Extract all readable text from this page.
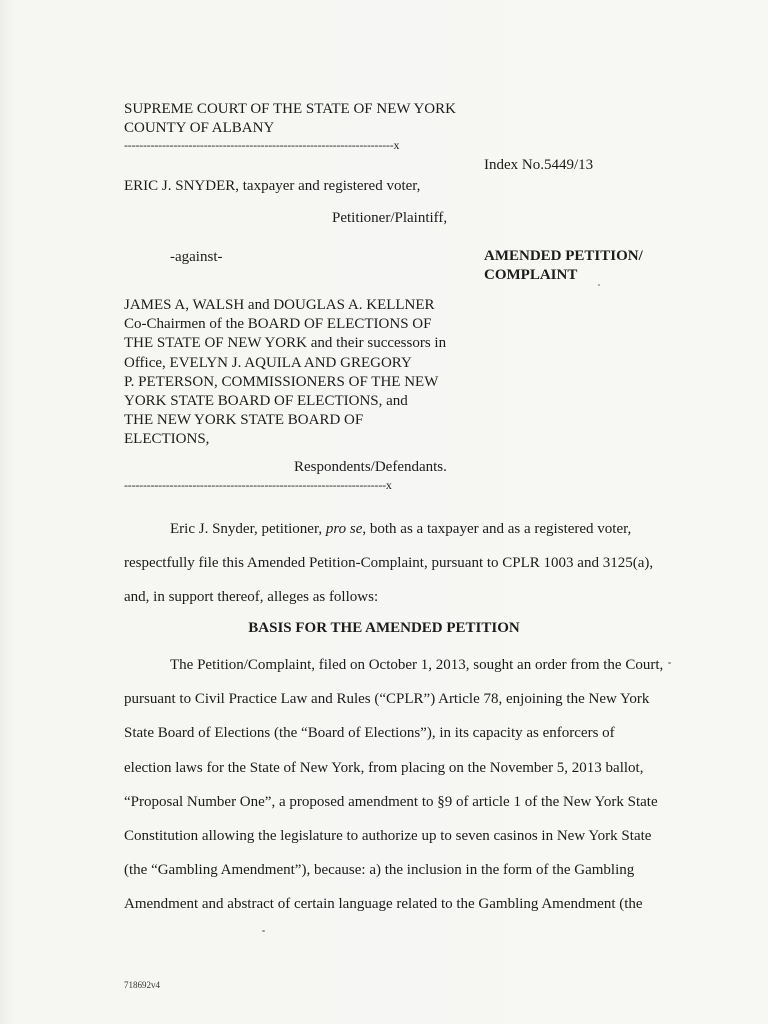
SUPREME COURT OF THE STATE OF NEW YORK
COUNTY OF ALBANY
-----------------------------------------------------------------------x
Index No.5449/13
ERIC J. SNYDER, taxpayer and registered voter,
Petitioner/Plaintiff,
-against-	AMENDED PETITION/
COMPLAINT
JAMES A, WALSH and DOUGLAS A. KELLNER
Co-Chairmen of the BOARD OF ELECTIONS OF
THE STATE OF NEW YORK and their successors in
Office, EVELYN J. AQUILA AND GREGORY
P. PETERSON, COMMISSIONERS OF THE NEW
YORK STATE BOARD OF ELECTIONS, and
THE NEW YORK STATE BOARD OF
ELECTIONS,
Respondents/Defendants.
---------------------------------------------------------------------x

Eric J. Snyder, petitioner, pro se, both as a taxpayer and as a registered voter,

respectfully file this Amended Petition-Complaint, pursuant to CPLR 1003 and 3125(a),

and, in support thereof, alleges as follows:

BASIS FOR THE AMENDED PETITION

The Petition/Complaint, filed on October 1, 2013, sought an order from the Court,

pursuant to Civil Practice Law and Rules (“CPLR”) Article 78, enjoining the New York

State Board of Elections (the “Board of Elections”), in its capacity as enforcers of

election laws for the State of New York, from placing on the November 5, 2013 ballot,

“Proposal Number One”, a proposed amendment to §9 of article 1 of the New York State

Constitution allowing the legislature to authorize up to seven casinos in New York State

(the “Gambling Amendment”), because: a) the inclusion in the form of the Gambling

Amendment and abstract of certain language related to the Gambling Amendment (the

718692v4
